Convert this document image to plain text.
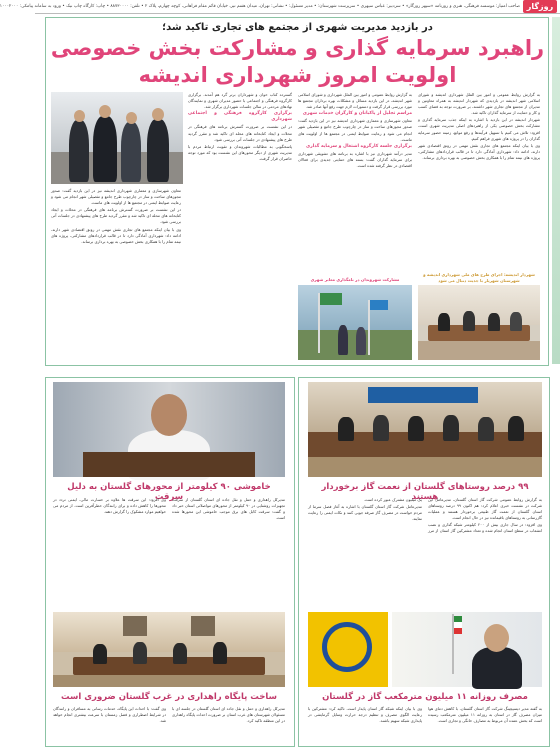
روزگار
صاحب امتیاز: موسسه فرهنگی، هنری و روزنامه «سپهر روزگار» • سردبیر: عباس سپهری • سرپرست شهرستان: • مدیر مسئول: • نشانی: تهران، میدان هفتم تیر، خیابان قائم مقام فراهانی، کوچه چهارم، پلاک ۲ • تلفن: ۸۸۷۳۰۰۰۰ • چاپ: کارگاه چاپ نیک • ورود به سامانه پیامکی: ۱۰۰۰۲۰۰۰
در بازدید مدیریت شهری از مجتمع های تجاری تاکید شد؛
راهبرد سرمایه گذاری و مشارکت بخش خصوصی
اولویت امروز شهرداری اندیشه

به گزارش روابط عمومی و امور بین الملل شهرداری اندیشه و شورای اسلامی شهر اندیشه در بازدیدی که شهردار اندیشه به همراه معاونین و مدیران از مجتمع های تجاری شهر داشتند، بر ضرورت توجه به فضای کسب و کار و حمایت از سرمایه گذاران تاکید شد.

شهردار اندیشه در این بازدید با اشاره به اینکه جذب سرمایه گذاری و مشارکت بخش خصوصی یکی از راهبردهای اصلی مدیریت شهری است، افزود: تلاش می کنیم با تسهیل فرآیندها و رفع موانع، زمینه حضور سرمایه گذاران را در پروژه های شهری فراهم کنیم.

وی با بیان اینکه مجتمع های تجاری نقش مهمی در رونق اقتصادی شهر دارند، ادامه داد: شهرداری آمادگی دارد تا در قالب قراردادهای مشارکتی، پروژه های نیمه تمام را با همکاری بخش خصوصی به بهره برداری برساند.

به گزارش روابط عمومی و امور بین الملل شهرداری و شورای اسلامی شهر اندیشه، در این بازدید مسائل و مشکلات بهره برداران مجتمع ها مورد بررسی قرار گرفت و دستورات لازم جهت رفع آنها صادر شد.

مراسم تجلیل از پاکبانان و کارگران خدمات شهری

معاون شهرسازی و معماری شهرداری اندیشه نیز در این بازدید گفت: صدور مجوزهای ساخت و ساز در چارچوب طرح جامع و تفصیلی شهر انجام می شود و رعایت ضوابط ایمنی در مجتمع ها از اولویت های ماست.

برگزاری جلسه کارگروه اشتغال و سرمایه گذاری

مدیر درآمد شهرداری نیز با اشاره به برنامه های تشویقی شهرداری برای سرمایه گذاران گفت: بسته های حمایتی جدیدی برای فعالان اقتصادی در نظر گرفته شده است.

گسترده کتاب خوان و شهرداران برتر گرد هم آمدند. برگزاری کارگروه فرهنگی و اجتماعی با حضور مدیران شهری و نمایندگان نهادهای مردمی در سالن جلسات شهرداری برگزار شد.

برگزاری کارگروه فرهنگی و اجتماعی شهرداری

در این نشست بر ضرورت گسترش برنامه های فرهنگی در محلات و ایجاد کتابخانه های محله ای تاکید شد و مقرر گردید طرح های پیشنهادی در جلسات آتی بررسی شود.

پاسخگویی به مطالبات شهروندان و تقویت ارتباط مردم با مدیریت شهری از دیگر محورهای این نشست بود که مورد توجه حاضران قرار گرفت.

معاون شهرسازی و معماری شهرداری اندیشه نیز در این بازدید گفت: صدور مجوزهای ساخت و ساز در چارچوب طرح جامع و تفصیلی شهر انجام می شود و رعایت ضوابط ایمنی در مجتمع ها از اولویت های ماست.

در این نشست بر ضرورت گسترش برنامه های فرهنگی در محلات و ایجاد کتابخانه های محله ای تاکید شد و مقرر گردید طرح های پیشنهادی در جلسات آتی بررسی شود.

وی با بیان اینکه مجتمع های تجاری نقش مهمی در رونق اقتصادی شهر دارند، ادامه داد: شهرداری آمادگی دارد تا در قالب قراردادهای مشارکتی، پروژه های نیمه تمام را با همکاری بخش خصوصی به بهره برداری برساند.

شهردار اندیشه: اجرای طرح های ملی شهرداری اندیشه و شهرستان شهریار با جدیت دنبال می شود
مشارکت شهروندان در نامگذاری معابر شهری
۹۹ درصد روستاهای گلستان از نعمت گاز برخوردار هستند

به گزارش روابط عمومی شرکت گاز استان گلستان، مدیرعامل این شرکت در نشست خبری اعلام کرد: هم اکنون ۹۹ درصد روستاهای استان گلستان از نعمت گاز طبیعی برخوردار هستند و عملیات گازرسانی به روستاهای باقیمانده نیز در حال انجام است.

وی افزود: در سال جاری بیش از ۲۰۰ کیلومتر شبکه گذاری و نصب انشعاب در سطح استان انجام شده و تعداد مشترکین گاز استان از مرز یک میلیون مشترک عبور کرده است.

مدیرعامل شرکت گاز استان گلستان با اشاره به آغاز فصل سرما از مردم خواست در مصرف گاز صرفه جویی کنند و نکات ایمنی را رعایت نمایند.

مصرف روزانه ۱۱ میلیون مترمکعب گاز در گلستان

به گفته مدیر دیسپچینگ شرکت گاز استان گلستان، با کاهش دمای هوا میزان مصرف گاز در استان به روزانه ۱۱ میلیون مترمکعب رسیده است که بخش عمده آن مربوط به مصارف خانگی و تجاری است.

وی با بیان اینکه شبکه گاز استان پایدار است، تاکید کرد: مشترکین با رعایت الگوی مصرف و تنظیم درجه حرارت وسایل گرمایشی در پایداری شبکه سهیم باشند.

خاموشی ۹۰ کیلومتر از محورهای گلستان به دلیل سرقت

مدیرکل راهداری و حمل و نقل جاده ای استان گلستان از سرقت تجهیزات روشنایی در ۹۰ کیلومتر از محورهای مواصلاتی استان خبر داد و گفت: سرقت کابل های برق موجب خاموشی این محورها شده است.

وی افزود: این سرقت ها علاوه بر خسارت مالی، ایمنی تردد در محورها را کاهش داده و برای رانندگان خطرآفرین است. از مردم می خواهیم موارد مشکوک را گزارش دهند.

ساخت پایگاه راهداری در غرب گلستان ضروری است

مدیرکل راهداری و حمل و نقل جاده ای استان گلستان در جلسه ای با مسئولان شهرستان های غرب استان بر ضرورت احداث پایگاه راهداری در این منطقه تاکید کرد.

وی گفت: با احداث این پایگاه، خدمات رسانی به مسافران و رانندگان در شرایط اضطراری و فصل زمستان با سرعت بیشتری انجام خواهد شد.
